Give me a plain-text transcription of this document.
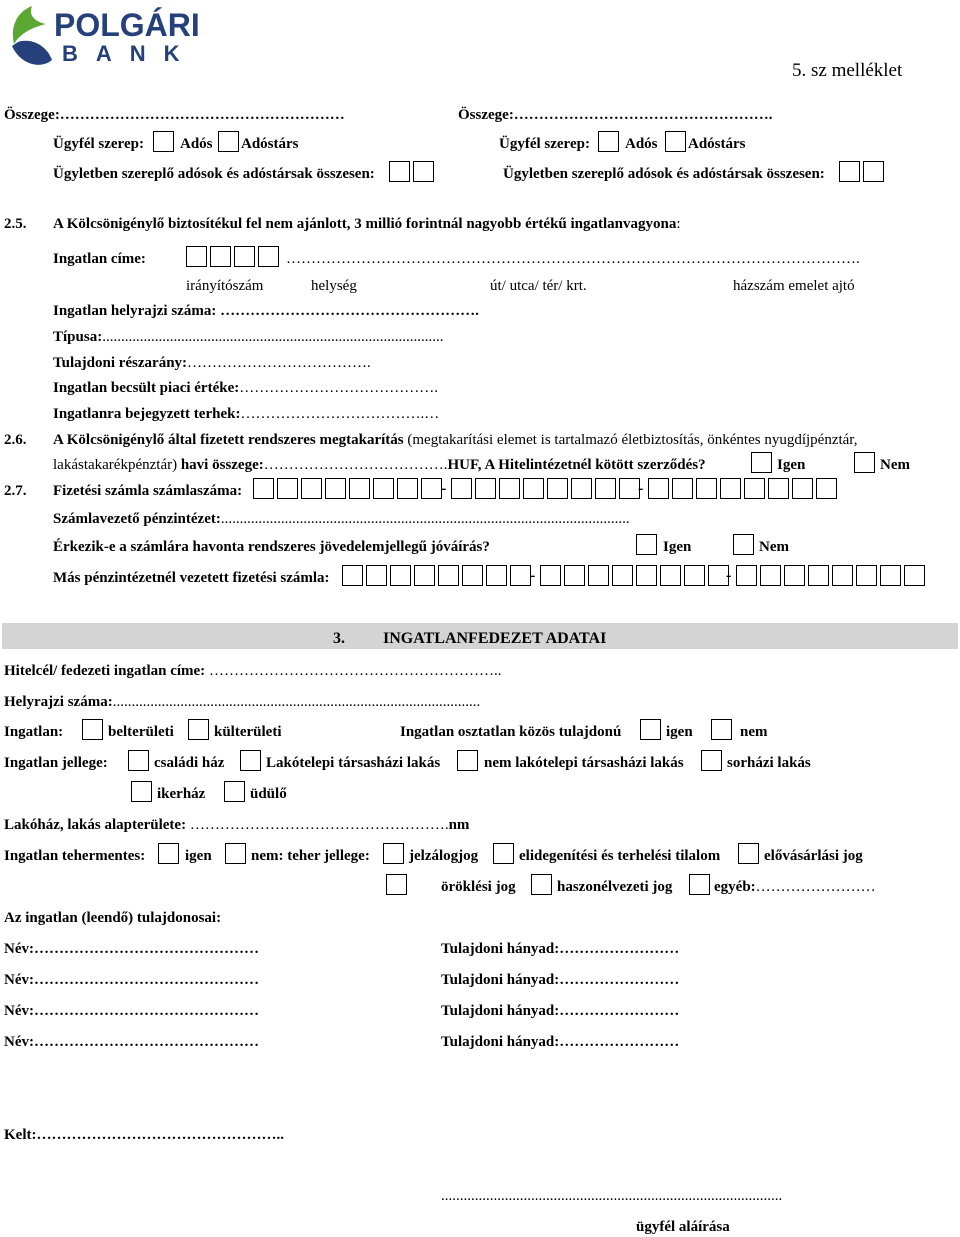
POLGÁRI
BANK
5. sz melléklet
Összege:…………………………………………………	Összege:…………………………………………….
Ügyfél szerep: Adós Adóstárs	Ügyfél szerep: Adós Adóstárs
Ügyletben szereplő adósok és adóstársak összesen:	Ügyletben szereplő adósok és adóstársak összesen:
2.5. A Kölcsönigénylő biztosítékul fel nem ajánlott, 3 millió forintnál nagyobb értékű ingatlanvagyona:
Ingatlan címe:	…………………………………………………………………………………………………….
irányítószám	helység	út/ utca/ tér/ krt.	házszám emelet ajtó
Ingatlan helyrajzi száma: …………………………………………….
Típusa:...........................................................................................
Tulajdoni részarány:……………………………….
Ingatlan becsült piaci értéke:………………………………….
Ingatlanra bejegyzett terhek:……………………………….…
2.6. A Kölcsönigénylő által fizetett rendszeres megtakarítás (megtakarítási elemet is tartalmazó életbiztosítás, önkéntes nyugdíjpénztár,
lakástakarékpénztár) havi összege:……………………………….HUF, A Hitelintézetnél kötött szerződés?	Igen	Nem
2.7. Fizetési számla számlaszáma:	-	-
Számlavezető pénzintézet:.............................................................................................................
Érkezik-e a számlára havonta rendszeres jövedelemjellegű jóváírás?	Igen	Nem
Más pénzintézetnél vezetett fizetési számla:	-	-
3. INGATLANFEDEZET ADATAI
Hitelcél/ fedezeti ingatlan címe: …………………………………………………..
Helyrajzi száma:..................................................................................................
Ingatlan:	belterületi	külterületi	Ingatlan osztatlan közös tulajdonú	igen	nem
Ingatlan jellege:	családi ház	Lakótelepi társasházi lakás	nem lakótelepi társasházi lakás	sorházi lakás
ikerház	üdülő
Lakóház, lakás alapterülete: …………………………………………….nm
Ingatlan tehermentes:	igen	nem: teher jellege:	jelzálogjog	elidegenítési és terhelési tilalom	elővásárlási jog
öröklési jog	haszonélvezeti jog	egyéb:……………………
Az ingatlan (leendő) tulajdonosai:
Név:………………………………………	Tulajdoni hányad:……………………
Név:………………………………………	Tulajdoni hányad:……………………
Név:………………………………………	Tulajdoni hányad:……………………
Név:………………………………………	Tulajdoni hányad:……………………
Kelt:…………………………………………..
...........................................................................................
ügyfél aláírása
